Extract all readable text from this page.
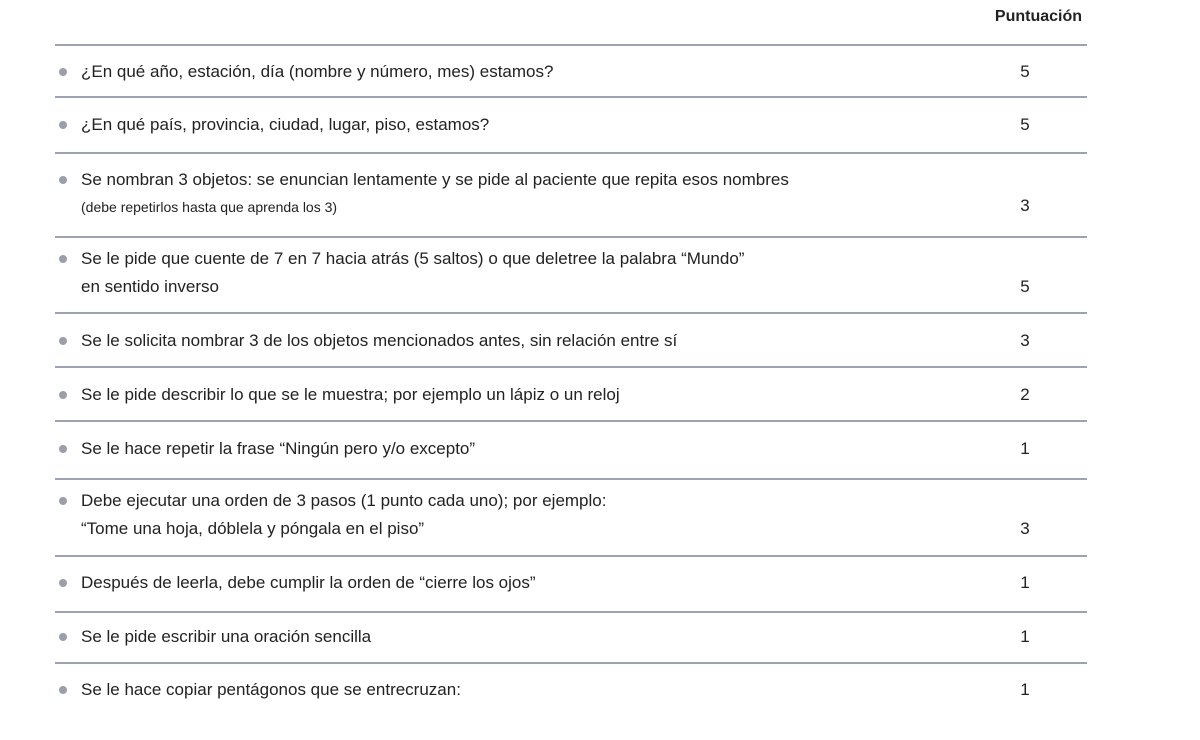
Puntuación
¿En qué año, estación, día (nombre y número, mes) estamos?	5
¿En qué país, provincia, ciudad, lugar, piso, estamos?	5
Se nombran 3 objetos: se enuncian lentamente y se pide al paciente que repita esos nombres
(debe repetirlos hasta que aprenda los 3)	3
Se le pide que cuente de 7 en 7 hacia atrás (5 saltos) o que deletree la palabra “Mundo”
en sentido inverso	5
Se le solicita nombrar 3 de los objetos mencionados antes, sin relación entre sí	3
Se le pide describir lo que se le muestra; por ejemplo un lápiz o un reloj	2
Se le hace repetir la frase “Ningún pero y/o excepto”	1
Debe ejecutar una orden de 3 pasos (1 punto cada uno); por ejemplo:
“Tome una hoja, dóblela y póngala en el piso”	3
Después de leerla, debe cumplir la orden de “cierre los ojos”	1
Se le pide escribir una oración sencilla	1
Se le hace copiar pentágonos que se entrecruzan:	1
